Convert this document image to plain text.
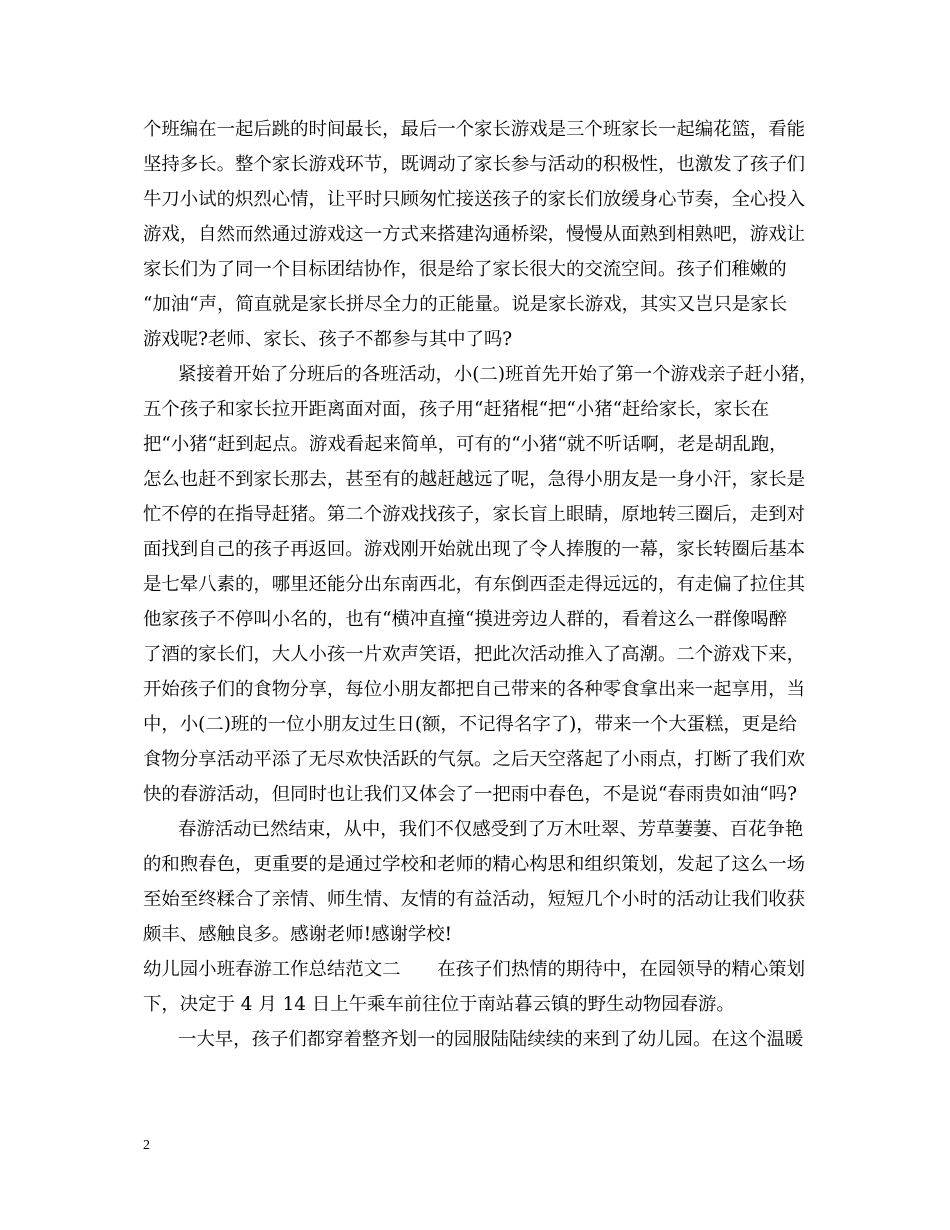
个班编在一起后跳的时间最长，最后一个家长游戏是三个班家长一起编花篮，看能
坚持多长。整个家长游戏环节，既调动了家长参与活动的积极性，也激发了孩子们
牛刀小试的炽烈心情，让平时只顾匆忙接送孩子的家长们放缓身心节奏，全心投入
游戏，自然而然通过游戏这一方式来搭建沟通桥梁，慢慢从面熟到相熟吧，游戏让
家长们为了同一个目标团结协作，很是给了家长很大的交流空间。孩子们稚嫩的
“加油“声，简直就是家长拼尽全力的正能量。说是家长游戏，其实又岂只是家长
游戏呢?老师、家长、孩子不都参与其中了吗?
紧接着开始了分班后的各班活动，小(二)班首先开始了第一个游戏亲子赶小猪，
五个孩子和家长拉开距离面对面，孩子用“赶猪棍“把“小猪“赶给家长，家长在
把“小猪“赶到起点。游戏看起来简单，可有的“小猪“就不听话啊，老是胡乱跑，
怎么也赶不到家长那去，甚至有的越赶越远了呢，急得小朋友是一身小汗，家长是
忙不停的在指导赶猪。第二个游戏找孩子，家长盲上眼睛，原地转三圈后，走到对
面找到自己的孩子再返回。游戏刚开始就出现了令人捧腹的一幕，家长转圈后基本
是七晕八素的，哪里还能分出东南西北，有东倒西歪走得远远的，有走偏了拉住其
他家孩子不停叫小名的，也有“横冲直撞“摸进旁边人群的，看着这么一群像喝醉
了酒的家长们，大人小孩一片欢声笑语，把此次活动推入了高潮。二个游戏下来，
开始孩子们的食物分享，每位小朋友都把自己带来的各种零食拿出来一起享用，当
中，小(二)班的一位小朋友过生日(额，不记得名字了)，带来一个大蛋糕，更是给
食物分享活动平添了无尽欢快活跃的气氛。之后天空落起了小雨点，打断了我们欢
快的春游活动，但同时也让我们又体会了一把雨中春色，不是说“春雨贵如油“吗?
春游活动已然结束，从中，我们不仅感受到了万木吐翠、芳草萋萋、百花争艳
的和煦春色，更重要的是通过学校和老师的精心构思和组织策划，发起了这么一场
至始至终糅合了亲情、师生情、友情的有益活动，短短几个小时的活动让我们收获
颇丰、感触良多。感谢老师!感谢学校!
幼儿园小班春游工作总结范文二　　在孩子们热情的期待中，在园领导的精心策划
下，决定于 4 月 14 日上午乘车前往位于南站暮云镇的野生动物园春游。
一大早，孩子们都穿着整齐划一的园服陆陆续续的来到了幼儿园。在这个温暖
2
